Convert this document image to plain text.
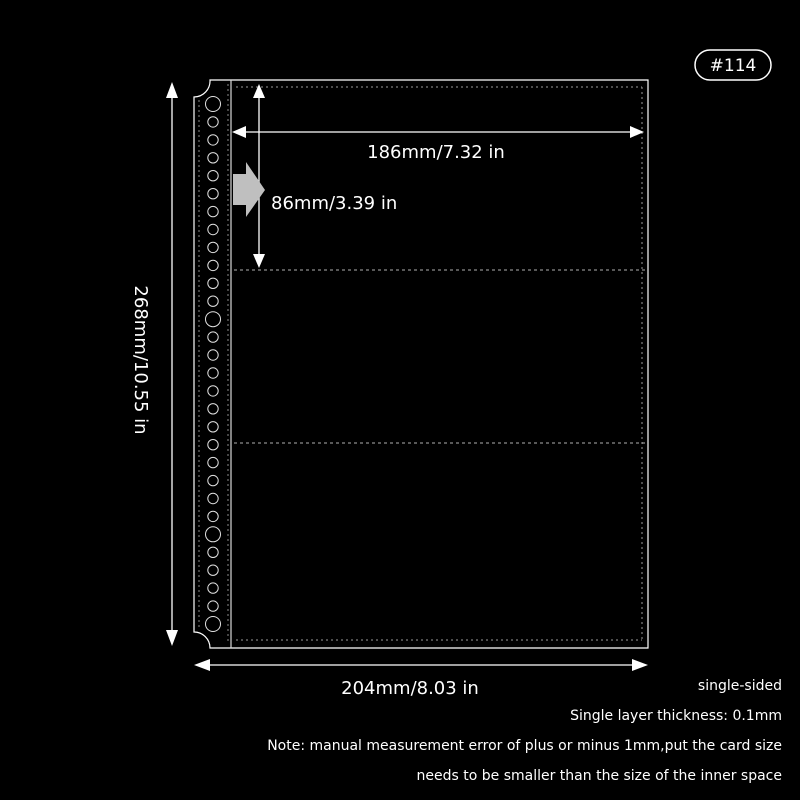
#114
186mm/7.32 in
86mm/3.39 in
268mm/10.55 in
204mm/8.03 in	single-sided
Single layer thickness: 0.1mm
Note: manual measurement error of plus or minus 1mm,put the card size
needs to be smaller than the size of the inner space
